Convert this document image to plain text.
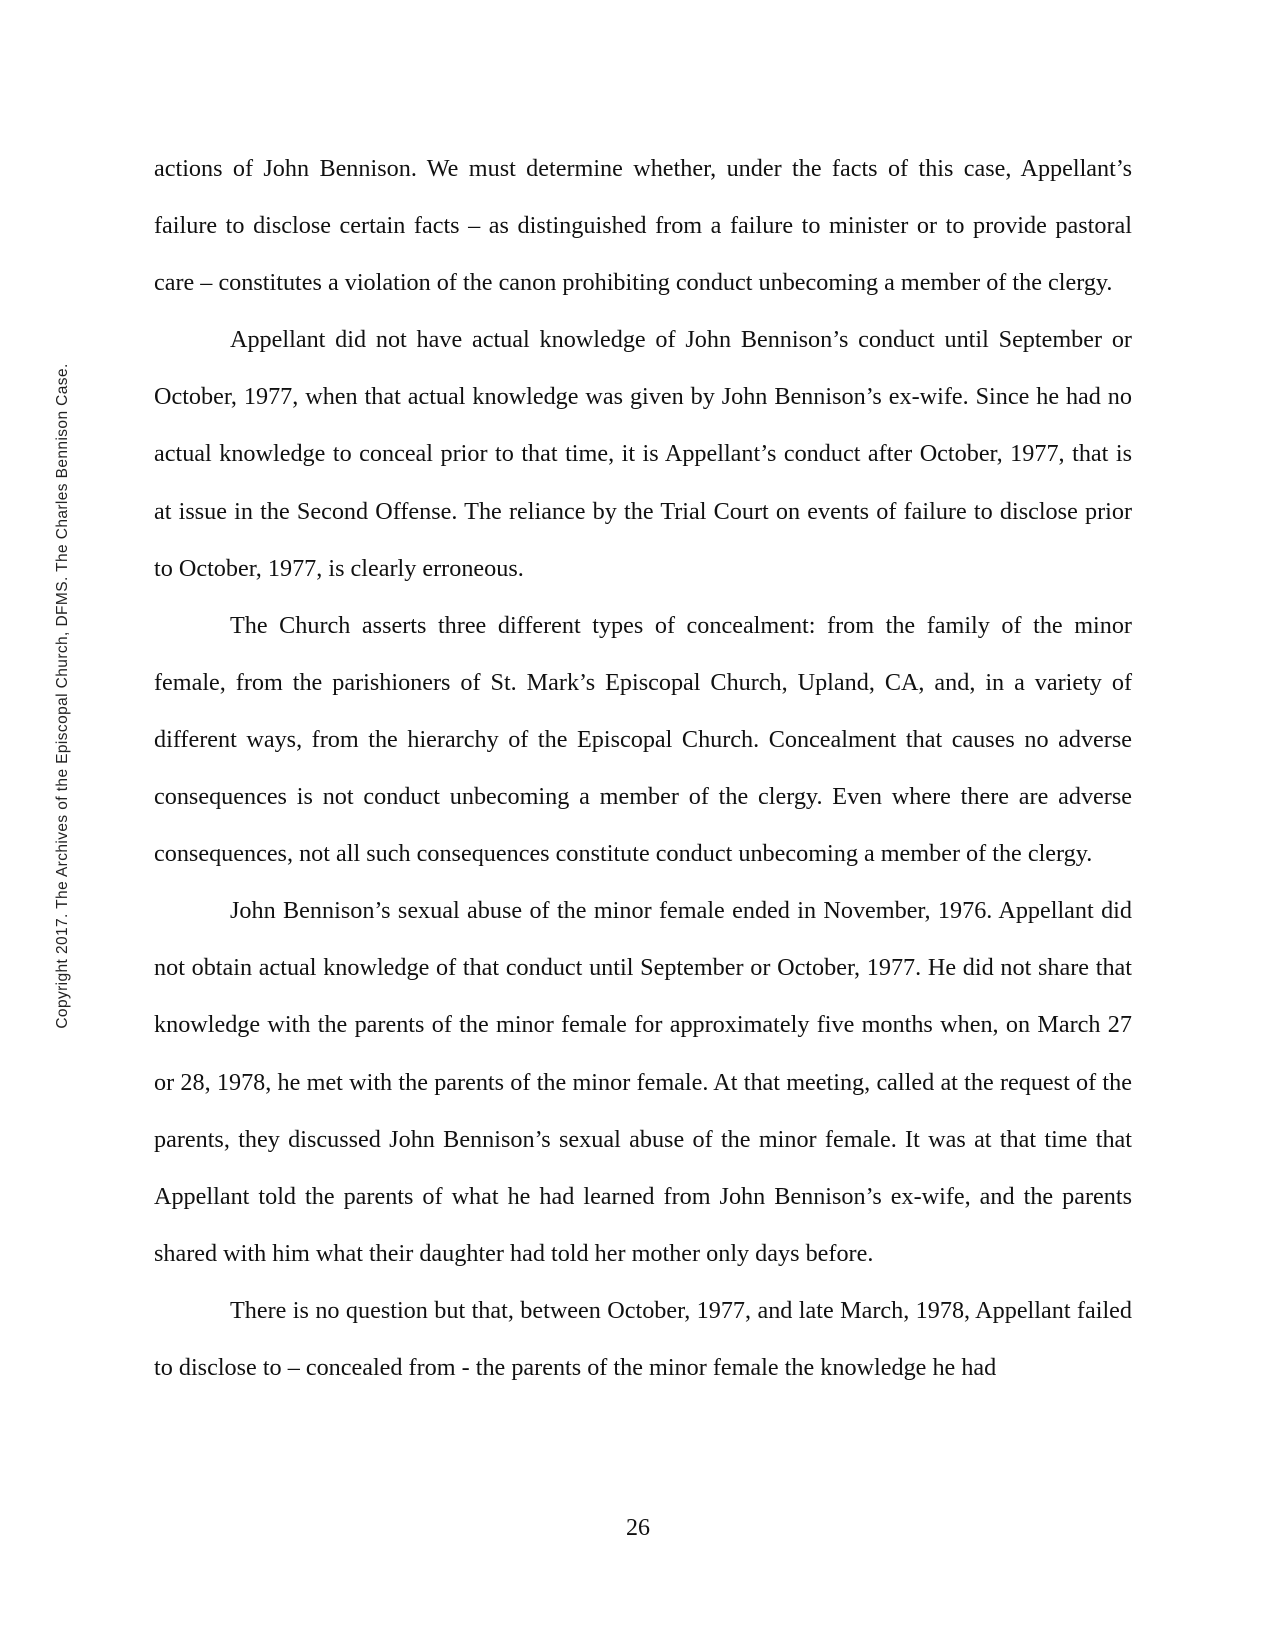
Copyright 2017. The Archives of the Episcopal Church, DFMS. The Charles Bennison Case.

actions of John Bennison. We must determine whether, under the facts of this case, Appellant’s failure to disclose certain facts – as distinguished from a failure to minister or to provide pastoral care – constitutes a violation of the canon prohibiting conduct unbecoming a member of the clergy.

Appellant did not have actual knowledge of John Bennison’s conduct until September or October, 1977, when that actual knowledge was given by John Bennison’s ex-wife. Since he had no actual knowledge to conceal prior to that time, it is Appellant’s conduct after October, 1977, that is at issue in the Second Offense. The reliance by the Trial Court on events of failure to disclose prior to October, 1977, is clearly erroneous.

The Church asserts three different types of concealment: from the family of the minor female, from the parishioners of St. Mark’s Episcopal Church, Upland, CA, and, in a variety of different ways, from the hierarchy of the Episcopal Church. Concealment that causes no adverse consequences is not conduct unbecoming a member of the clergy. Even where there are adverse consequences, not all such consequences constitute conduct unbecoming a member of the clergy.

John Bennison’s sexual abuse of the minor female ended in November, 1976. Appellant did not obtain actual knowledge of that conduct until September or October, 1977. He did not share that knowledge with the parents of the minor female for approximately five months when, on March 27 or 28, 1978, he met with the parents of the minor female. At that meeting, called at the request of the parents, they discussed John Bennison’s sexual abuse of the minor female. It was at that time that Appellant told the parents of what he had learned from John Bennison’s ex-wife, and the parents shared with him what their daughter had told her mother only days before.

There is no question but that, between October, 1977, and late March, 1978, Appellant failed to disclose to – concealed from - the parents of the minor female the knowledge he had

26
